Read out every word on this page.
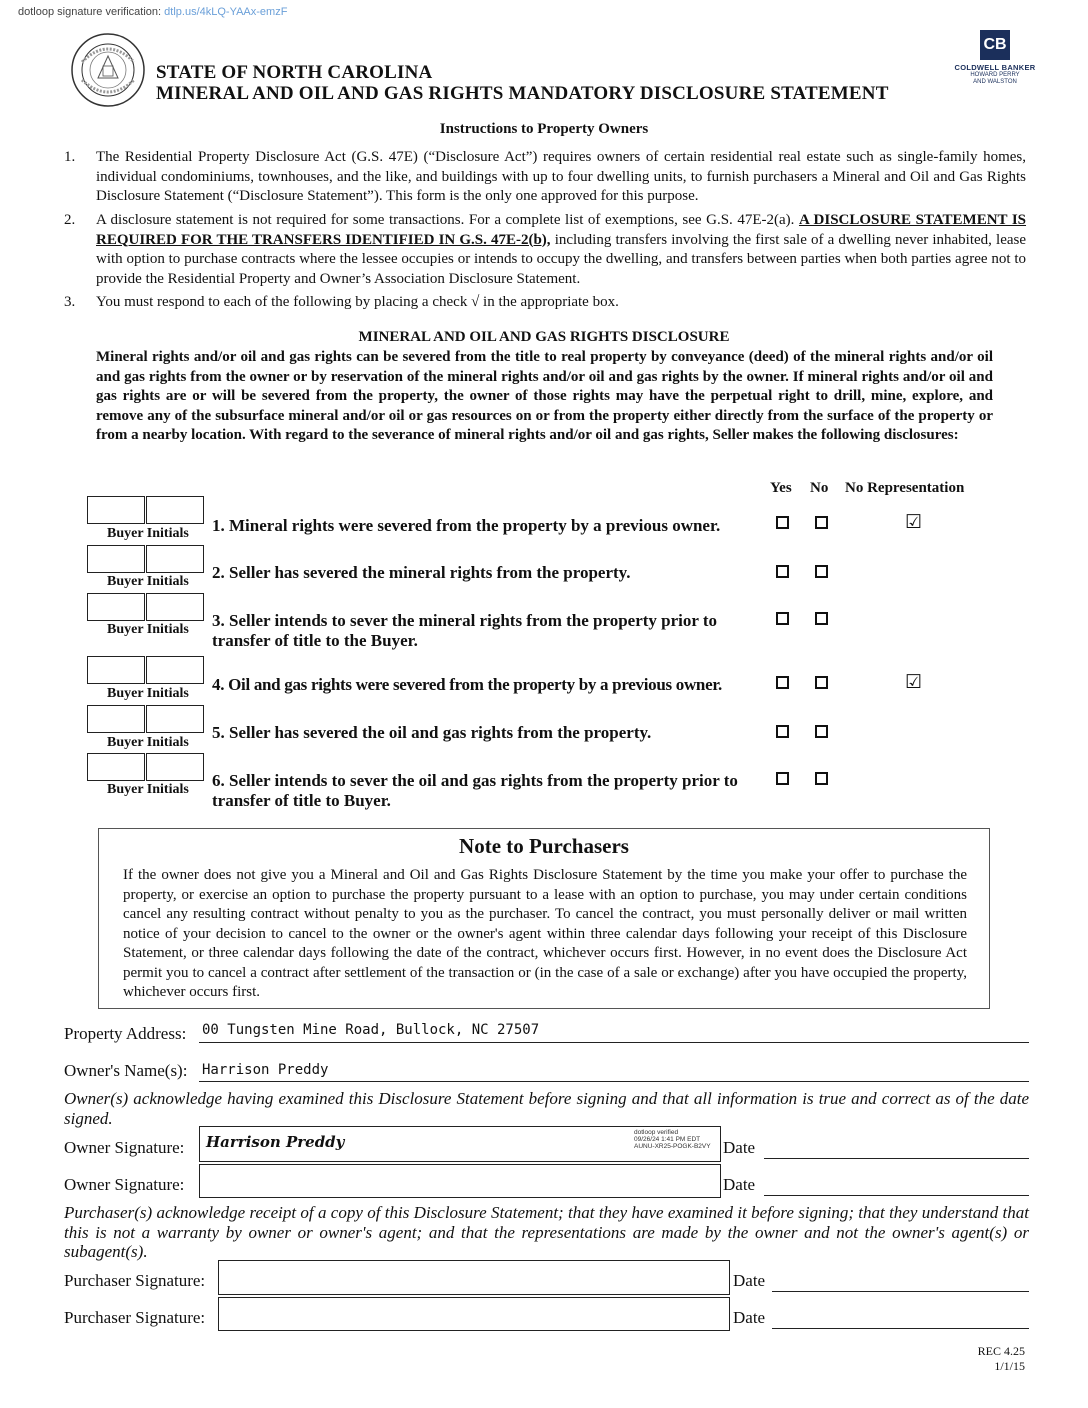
dotloop signature verification: dtlp.us/4kLQ-YAAx-emzF
STATE OF NORTH CAROLINA
MINERAL AND OIL AND GAS RIGHTS MANDATORY DISCLOSURE STATEMENT
CB
COLDWELL BANKER
HOWARD PERRY
AND WALSTON
Instructions to Property Owners
1.	The Residential Property Disclosure Act (G.S. 47E) (“Disclosure Act”) requires owners of certain residential real estate such as single-family homes, individual condominiums, townhouses, and the like, and buildings with up to four dwelling units, to furnish purchasers a Mineral and Oil and Gas Rights Disclosure Statement (“Disclosure Statement”). This form is the only one approved for this purpose.
2.	A disclosure statement is not required for some transactions. For a complete list of exemptions, see G.S. 47E-2(a). A DISCLOSURE STATEMENT IS REQUIRED FOR THE TRANSFERS IDENTIFIED IN G.S. 47E-2(b), including transfers involving the first sale of a dwelling never inhabited, lease with option to purchase contracts where the lessee occupies or intends to occupy the dwelling, and transfers between parties when both parties agree not to provide the Residential Property and Owner’s Association Disclosure Statement.
3.	You must respond to each of the following by placing a check √ in the appropriate box.
MINERAL AND OIL AND GAS RIGHTS DISCLOSURE
Mineral rights and/or oil and gas rights can be severed from the title to real property by conveyance (deed) of the mineral rights and/or oil and gas rights from the owner or by reservation of the mineral rights and/or oil and gas rights by the owner. If mineral rights and/or oil and gas rights are or will be severed from the property, the owner of those rights may have the perpetual right to drill, mine, explore, and remove any of the subsurface mineral and/or oil or gas resources on or from the property either directly from the surface of the property or from a nearby location. With regard to the severance of mineral rights and/or oil and gas rights, Seller makes the following disclosures:
Yes No No Representation
Buyer Initials 1. Mineral rights were severed from the property by a previous owner.	☑
Buyer Initials 2. Seller has severed the mineral rights from the property.
Buyer Initials 3. Seller intends to sever the mineral rights from the property prior to transfer of title to the Buyer.
Buyer Initials 4. Oil and gas rights were severed from the property by a previous owner.	☑
Buyer Initials
5. Seller has severed the oil and gas rights from the property.
Buyer Initials 6. Seller intends to sever the oil and gas rights from the property prior to transfer of title to Buyer.
Note to Purchasers
If the owner does not give you a Mineral and Oil and Gas Rights Disclosure Statement by the time you make your offer to purchase the property, or exercise an option to purchase the property pursuant to a lease with an option to purchase, you may under certain conditions cancel any resulting contract without penalty to you as the purchaser. To cancel the contract, you must personally deliver or mail written notice of your decision to cancel to the owner or the owner's agent within three calendar days following your receipt of this Disclosure Statement, or three calendar days following the date of the contract, whichever occurs first. However, in no event does the Disclosure Act permit you to cancel a contract after settlement of the transaction or (in the case of a sale or exchange) after you have occupied the property, whichever occurs first.
Property Address: 00 Tungsten Mine Road, Bullock, NC 27507
Owner's Name(s): Harrison Preddy
Owner(s) acknowledge having examined this Disclosure Statement before signing and that all information is true and correct as of the date signed.
Owner Signature: Harrison Preddy
dotloop verified
09/26/24 1:41 PM EDT
AUNU-XR25-POGK-B2VY Date
Owner Signature:	Date
Purchaser(s) acknowledge receipt of a copy of this Disclosure Statement; that they have examined it before signing; that they understand that this is not a warranty by owner or owner's agent; and that the representations are made by the owner and not the owner's agent(s) or subagent(s).
Purchaser Signature:	Date
Purchaser Signature:	Date
REC 4.25
1/1/15
